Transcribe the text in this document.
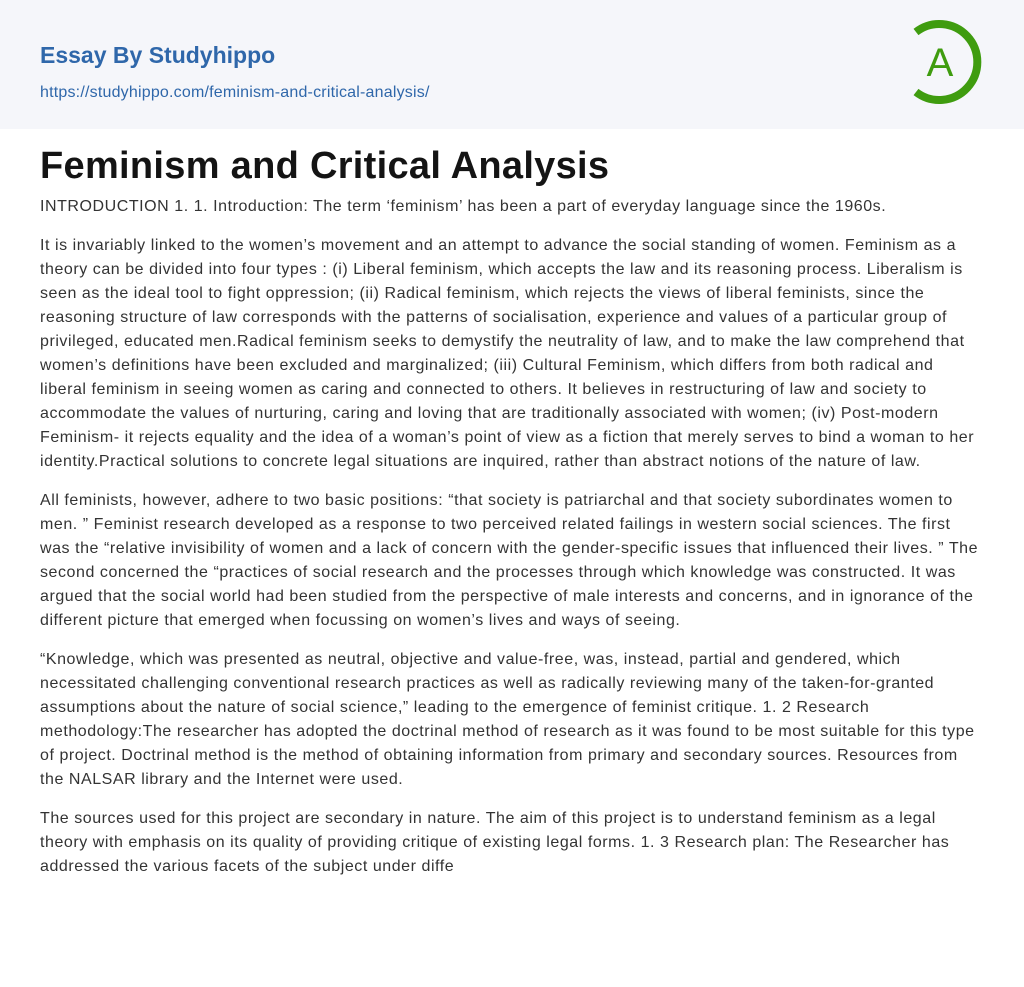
Essay By Studyhippo
https://studyhippo.com/feminism-and-critical-analysis/
A
Feminism and Critical Analysis

INTRODUCTION 1. 1. Introduction: The term ‘feminism’ has been a part of everyday language since the 1960s.

It is invariably linked to the women’s movement and an attempt to advance the social standing of women. Feminism as a theory can be divided into four types : (i) Liberal feminism, which accepts the law and its reasoning process. Liberalism is seen as the ideal tool to fight oppression; (ii) Radical feminism, which rejects the views of liberal feminists, since the reasoning structure of law corresponds with the patterns of socialisation, experience and values of a particular group of privileged, educated men.Radical feminism seeks to demystify the neutrality of law, and to make the law comprehend that women’s definitions have been excluded and marginalized; (iii) Cultural Feminism, which differs from both radical and liberal feminism in seeing women as caring and connected to others. It believes in restructuring of law and society to accommodate the values of nurturing, caring and loving that are traditionally associated with women; (iv) Post-modern Feminism- it rejects equality and the idea of a woman’s point of view as a fiction that merely serves to bind a woman to her identity.Practical solutions to concrete legal situations are inquired, rather than abstract notions of the nature of law.

All feminists, however, adhere to two basic positions: “that society is patriarchal and that society subordinates women to men. ” Feminist research developed as a response to two perceived related failings in western social sciences. The first was the “relative invisibility of women and a lack of concern with the gender-specific issues that influenced their lives. ” The second concerned the “practices of social research and the processes through which knowledge was constructed. It was argued that the social world had been studied from the perspective of male interests and concerns, and in ignorance of the different picture that emerged when focussing on women’s lives and ways of seeing.

“Knowledge, which was presented as neutral, objective and value-free, was, instead, partial and gendered, which necessitated challenging conventional research practices as well as radically reviewing many of the taken-for-granted assumptions about the nature of social science,” leading to the emergence of feminist critique. 1. 2 Research methodology:The researcher has adopted the doctrinal method of research as it was found to be most suitable for this type of project. Doctrinal method is the method of obtaining information from primary and secondary sources. Resources from the NALSAR library and the Internet were used.

The sources used for this project are secondary in nature. The aim of this project is to understand feminism as a legal theory with emphasis on its quality of providing critique of existing legal forms. 1. 3 Research plan: The Researcher has addressed the various facets of the subject under diffe
